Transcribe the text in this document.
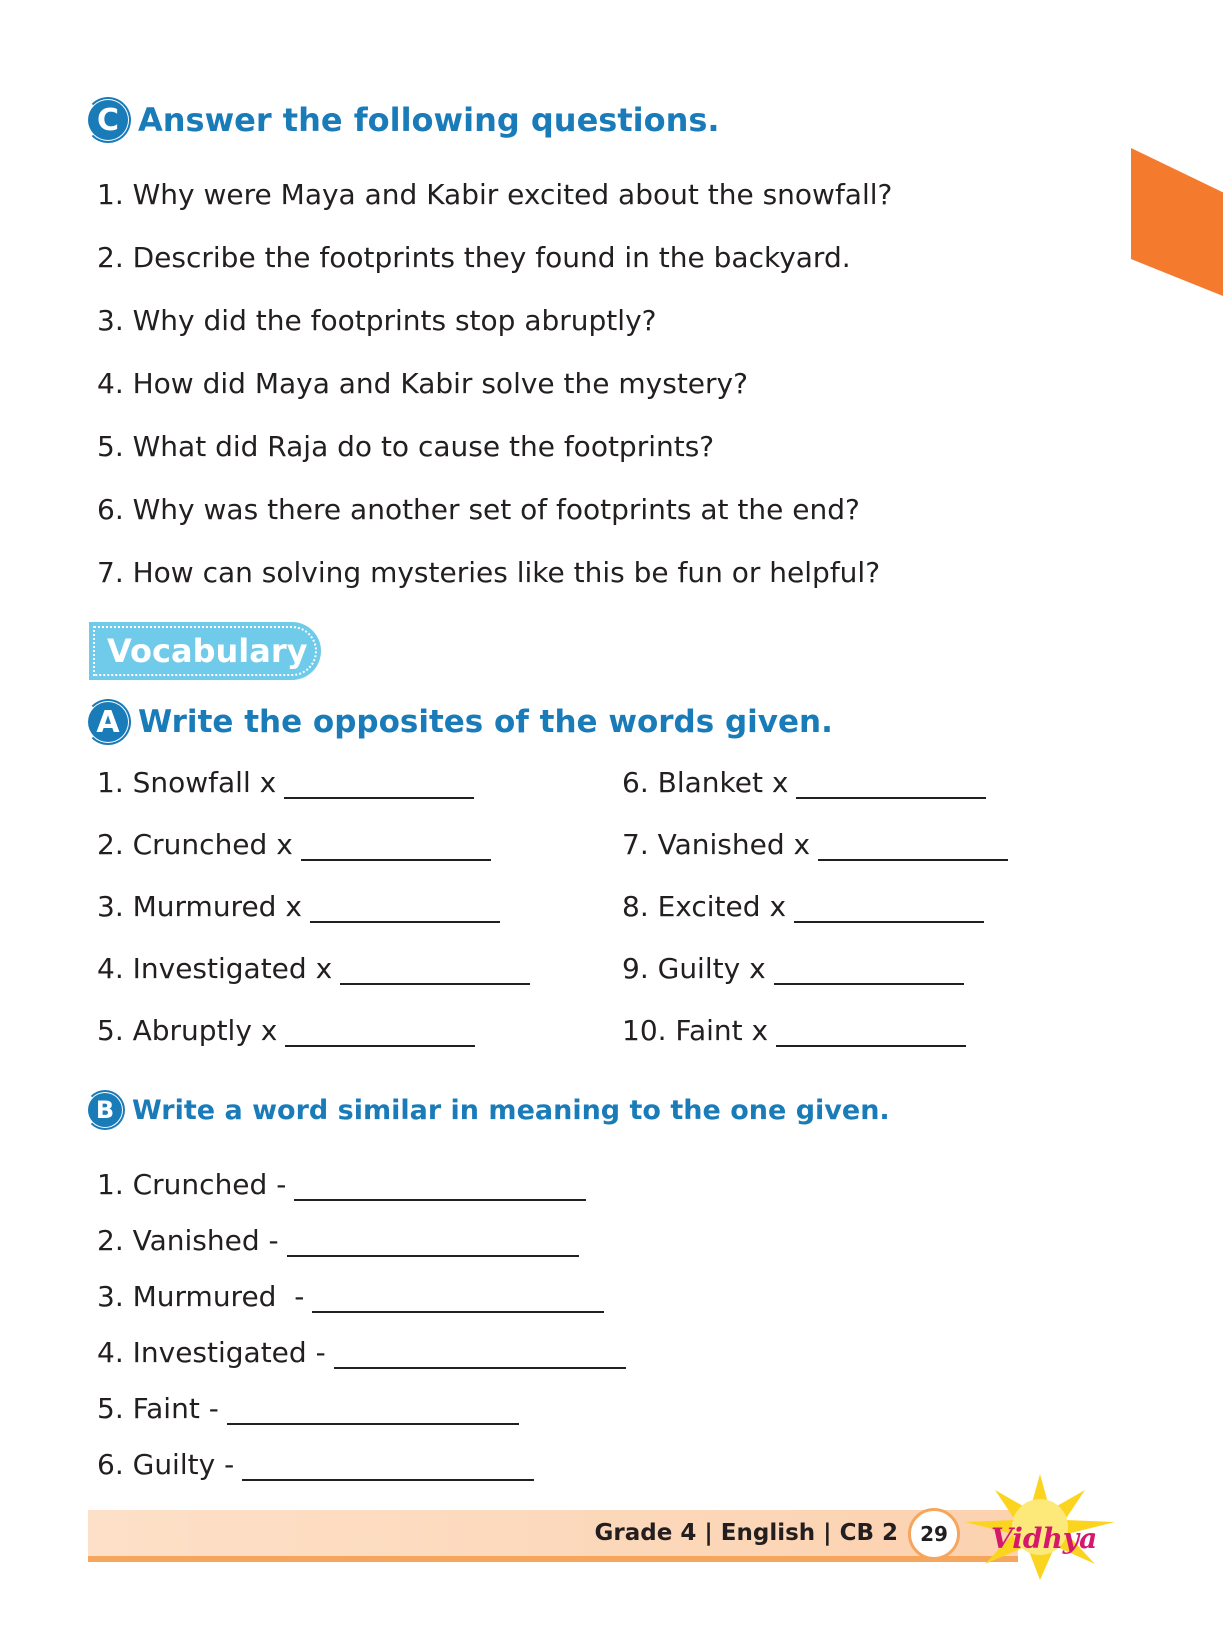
C Answer the following questions.
1. Why were Maya and Kabir excited about the snowfall?
2. Describe the footprints they found in the backyard.
3. Why did the footprints stop abruptly?
4. How did Maya and Kabir solve the mystery?
5. What did Raja do to cause the footprints?
6. Why was there another set of footprints at the end?
7. How can solving mysteries like this be fun or helpful?
Vocabulary
A Write the opposites of the words given.
1. Snowfall x
2. Crunched x
3. Murmured x
4. Investigated x
5. Abruptly x
6. Blanket x
7. Vanished x
8. Excited x
9. Guilty x
10. Faint x
B Write a word similar in meaning to the one given.
1. Crunched -
2. Vanished -
3. Murmured  -
4. Investigated -
5. Faint -
6. Guilty -
Grade 4 | English | CB 2	29	Vidhya
